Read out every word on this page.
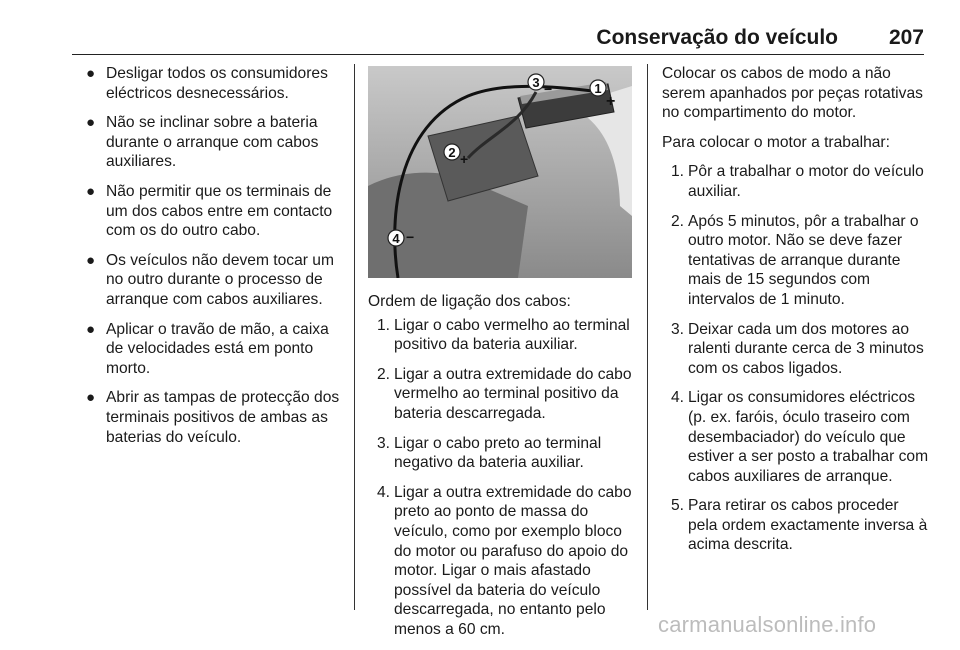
Conservação do veículo 207
● Desligar todos os consumidores eléctricos desnecessários.
● Não se inclinar sobre a bateria durante o arranque com cabos auxiliares.
● Não permitir que os terminais de um dos cabos entre em contacto com os do outro cabo.
● Os veículos não devem tocar um no outro durante o processo de arranque com cabos auxiliares.
● Aplicar o travão de mão, a caixa de velocidades está em ponto morto.
● Abrir as tampas de protecção dos terminais positivos de ambas as baterias do veículo.
1
2
3
4
+
+
−
−
Ordem de ligação dos cabos:
1. Ligar o cabo vermelho ao terminal positivo da bateria auxiliar.
2. Ligar a outra extremidade do cabo vermelho ao terminal positivo da bateria descarregada.
3. Ligar o cabo preto ao terminal negativo da bateria auxiliar.
4. Ligar a outra extremidade do cabo preto ao ponto de massa do veículo, como por exemplo bloco do motor ou parafuso do apoio do motor. Ligar o mais afastado possível da bateria do veículo descarregada, no entanto pelo menos a 60 cm.
Colocar os cabos de modo a não serem apanhados por peças rotativas no compartimento do motor.
Para colocar o motor a trabalhar:
1. Pôr a trabalhar o motor do veículo auxiliar.
2. Após 5 minutos, pôr a trabalhar o outro motor. Não se deve fazer tentativas de arranque durante mais de 15 segundos com intervalos de 1 minuto.
3. Deixar cada um dos motores ao ralenti durante cerca de 3 minutos com os cabos ligados.
4. Ligar os consumidores eléctricos (p. ex. faróis, óculo traseiro com desembaciador) do veículo que estiver a ser posto a trabalhar com cabos auxiliares de arranque.
5. Para retirar os cabos proceder pela ordem exactamente inversa à acima descrita.
carmanualsonline.info
